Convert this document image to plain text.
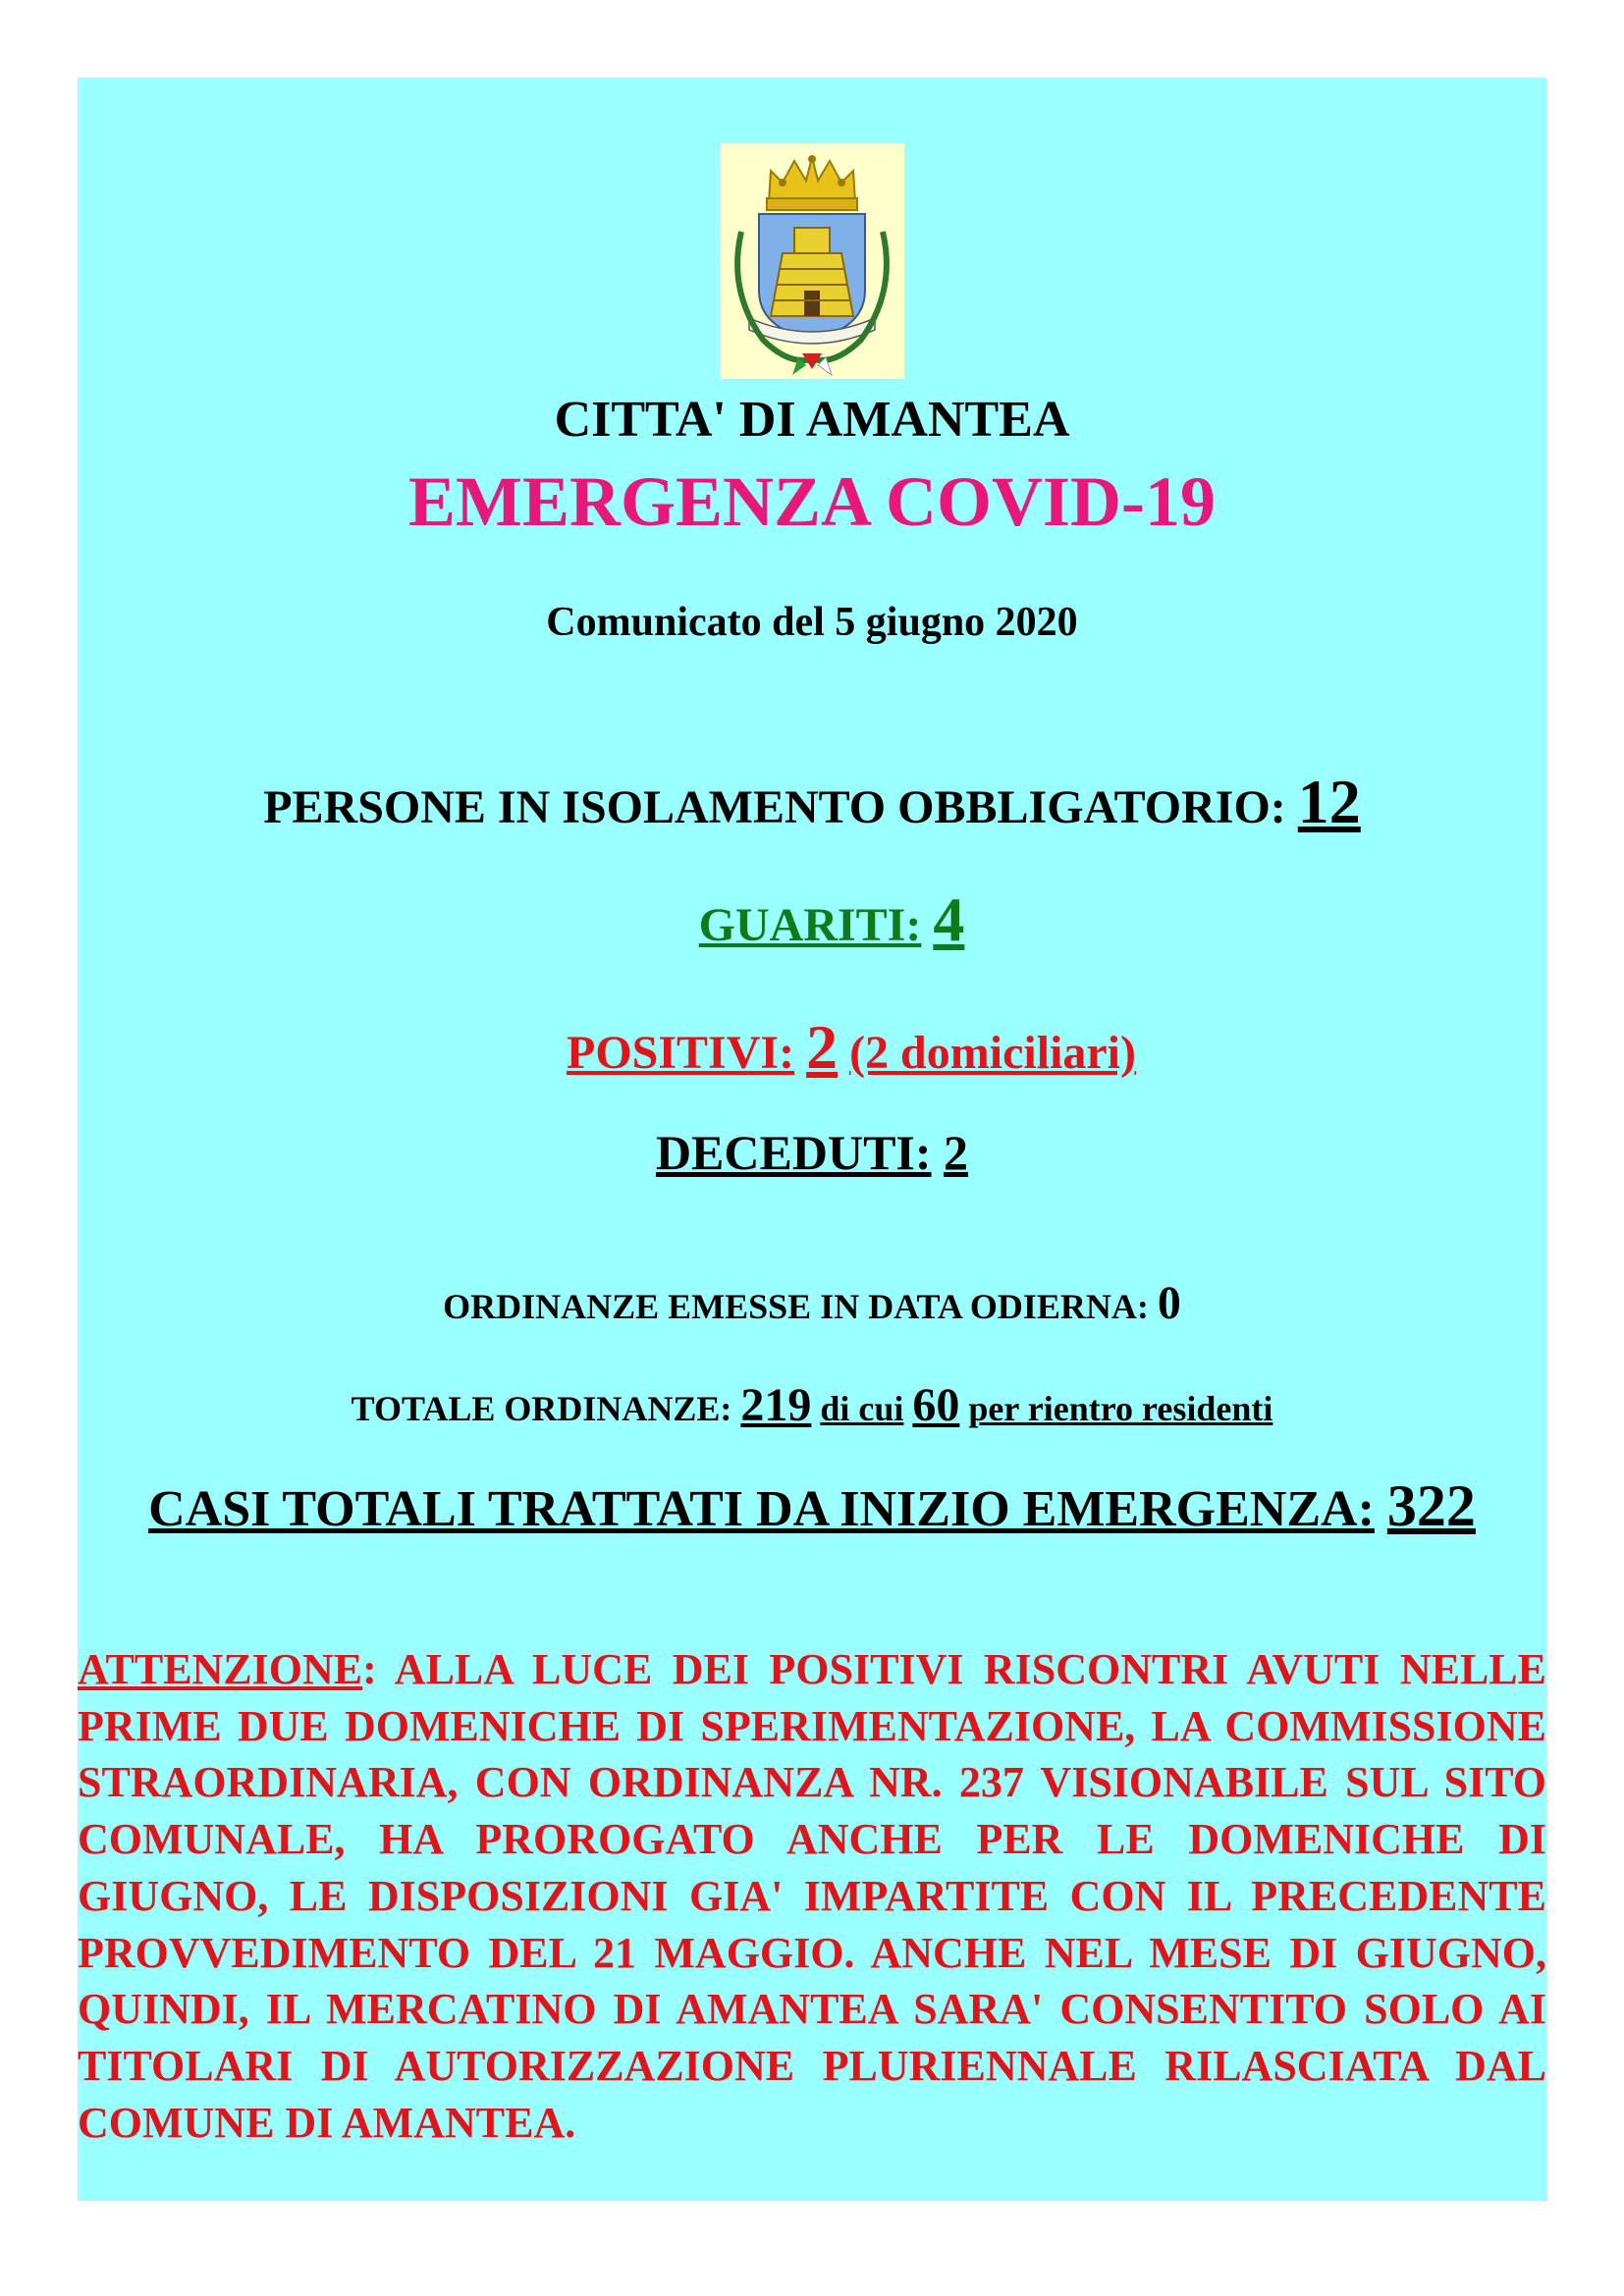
CITTA' DI AMANTEA
EMERGENZA COVID-19
Comunicato del 5 giugno 2020
PERSONE IN ISOLAMENTO OBBLIGATORIO: 12
GUARITI: 4
POSITIVI: 2 (2 domiciliari)
DECEDUTI: 2
ORDINANZE EMESSE IN DATA ODIERNA: 0
TOTALE ORDINANZE: 219 di cui 60 per rientro residenti
CASI TOTALI TRATTATI DA INIZIO EMERGENZA: 322
ATTENZIONE: ALLA LUCE DEI POSITIVI RISCONTRI AVUTI NELLE PRIME DUE DOMENICHE DI SPERIMENTAZIONE, LA COMMISSIONE STRAORDINARIA, CON ORDINANZA NR. 237 VISIONABILE SUL SITO COMUNALE, HA PROROGATO ANCHE PER LE DOMENICHE DI GIUGNO, LE DISPOSIZIONI GIA' IMPARTITE CON IL PRECEDENTE PROVVEDIMENTO DEL 21 MAGGIO. ANCHE NEL MESE DI GIUGNO, QUINDI, IL MERCATINO DI AMANTEA SARA' CONSENTITO SOLO AI TITOLARI DI AUTORIZZAZIONE PLURIENNALE RILASCIATA DAL COMUNE DI AMANTEA.
